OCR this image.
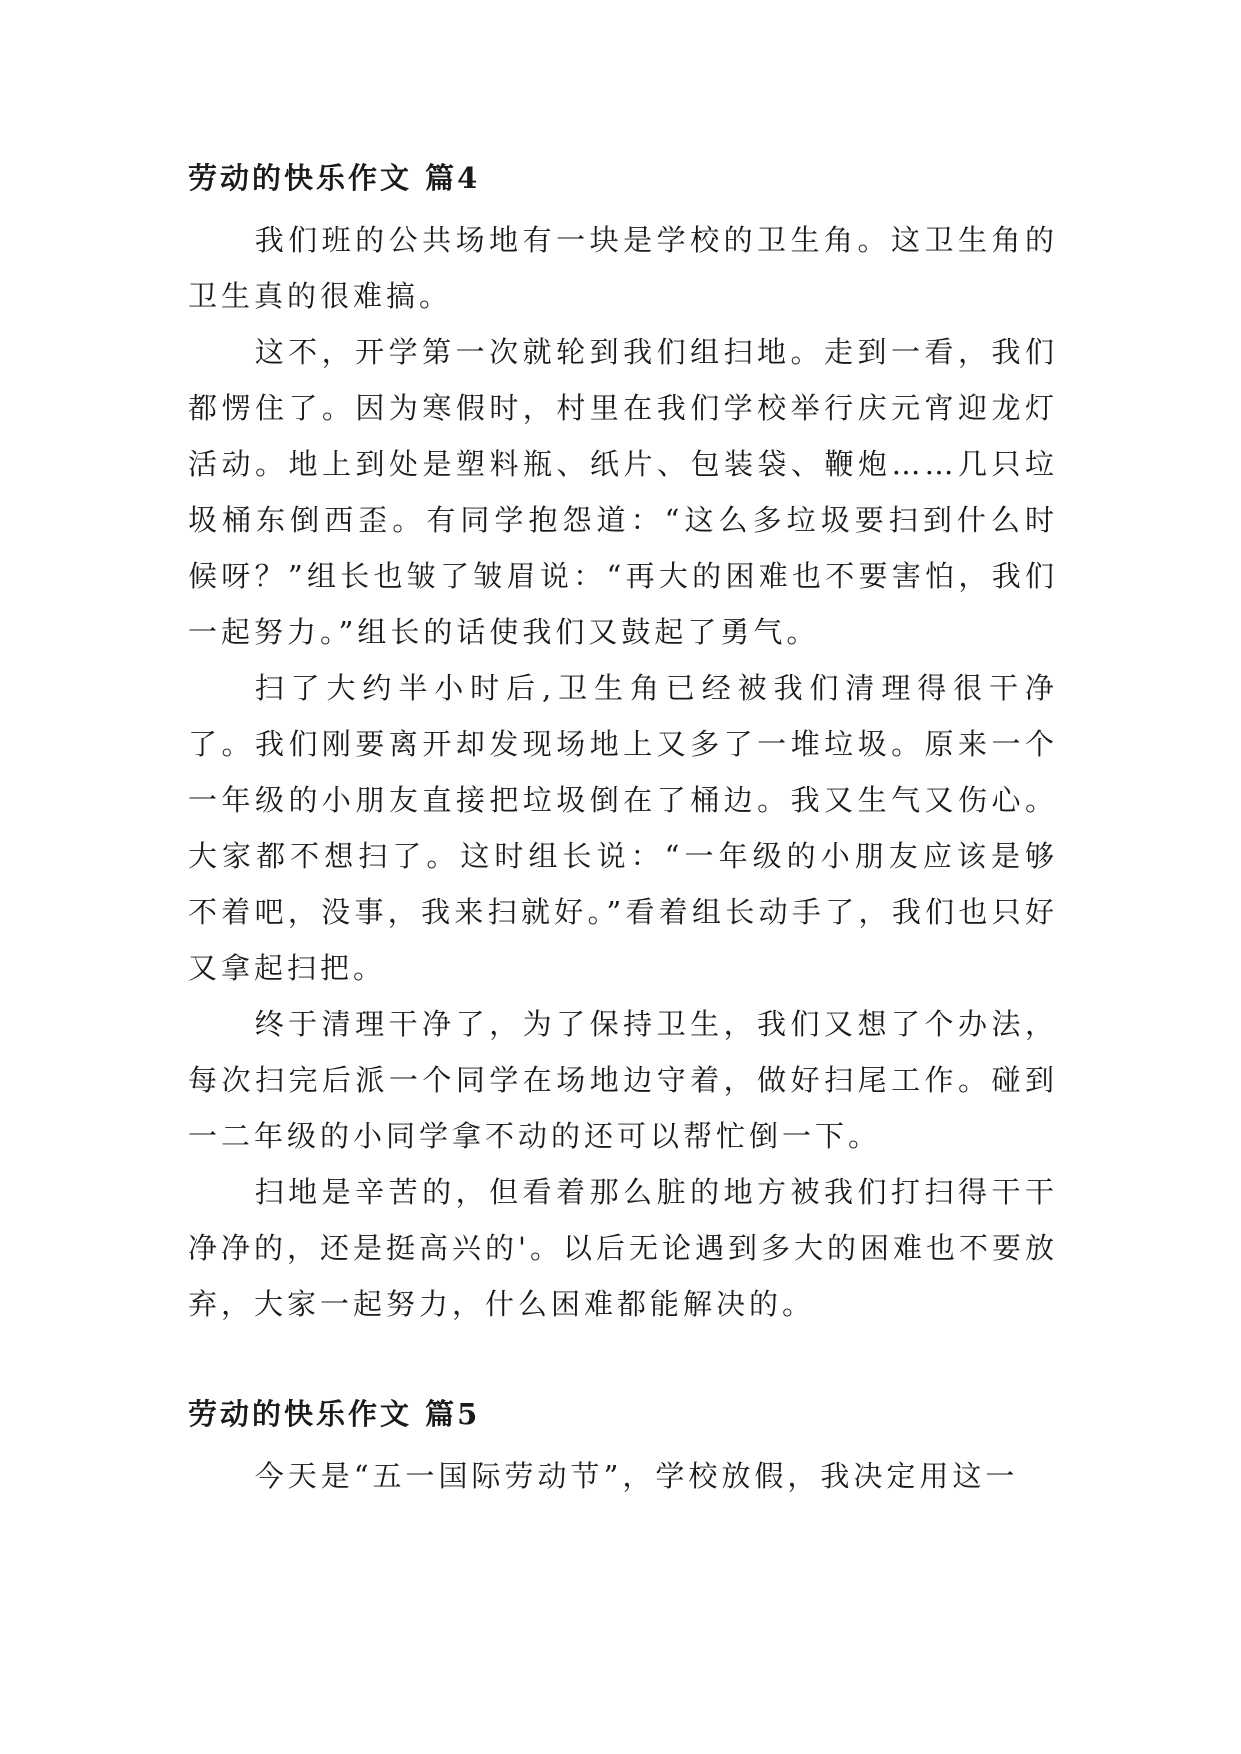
劳动的快乐作文 篇4

我们班的公共场地有一块是学校的卫生角。这卫生角的卫生真的很难搞。

这不，开学第一次就轮到我们组扫地。走到一看，我们都愣住了。因为寒假时，村里在我们学校举行庆元宵迎龙灯活动。地上到处是塑料瓶、纸片、包装袋、鞭炮……几只垃圾桶东倒西歪。有同学抱怨道：“这么多垃圾要扫到什么时候呀？”组长也皱了皱眉说：“再大的困难也不要害怕，我们一起努力。”组长的话使我们又鼓起了勇气。

扫了大约半小时后,卫生角已经被我们清理得很干净了。我们刚要离开却发现场地上又多了一堆垃圾。原来一个一年级的小朋友直接把垃圾倒在了桶边。我又生气又伤心。大家都不想扫了。这时组长说：“一年级的小朋友应该是够不着吧，没事，我来扫就好。”看着组长动手了，我们也只好又拿起扫把。

终于清理干净了，为了保持卫生，我们又想了个办法，每次扫完后派一个同学在场地边守着，做好扫尾工作。碰到一二年级的小同学拿不动的还可以帮忙倒一下。

扫地是辛苦的，但看着那么脏的地方被我们打扫得干干净净的，还是挺高兴的'。以后无论遇到多大的困难也不要放弃，大家一起努力，什么困难都能解决的。

劳动的快乐作文 篇5

今天是“五一国际劳动节”，学校放假，我决定用这一
